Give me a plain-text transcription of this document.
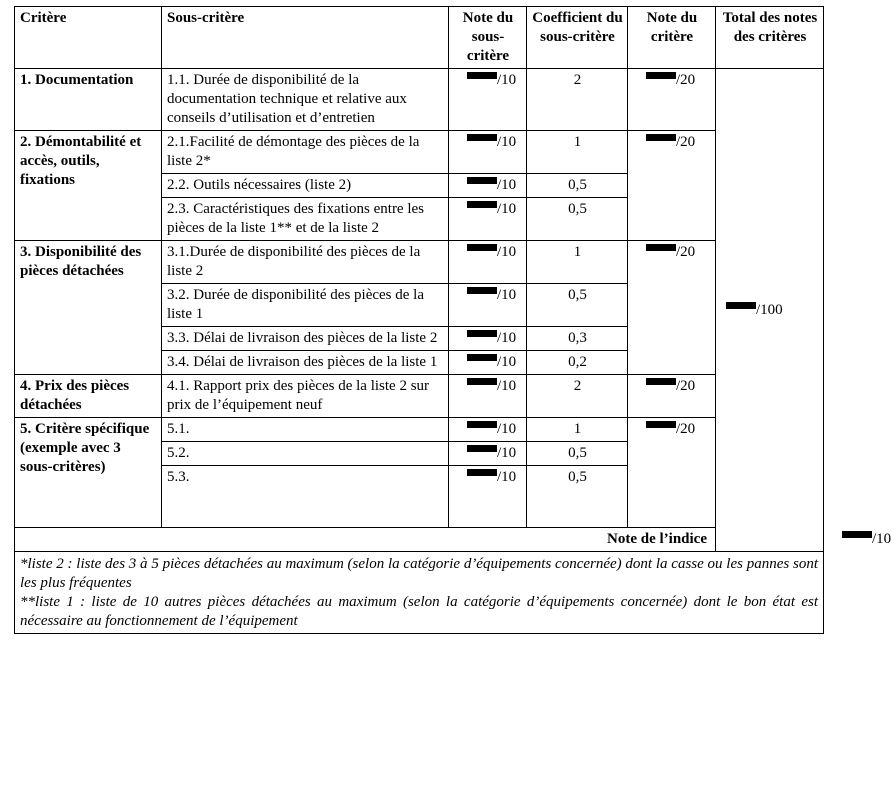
Critère	Sous-critère	Note du sous-critère	Coefficient du sous-critère	Note du critère	Total des notes des critères	
1. Documentation	1.1. Durée de disponibilité de la documentation technique et relative aux conseils d’utilisation et d’entretien	/10	2	/20	/100	
2. Démontabilité et accès, outils, fixations	2.1.Facilité de démontage des pièces de la liste 2*	/10	1	/20		
	2.2. Outils nécessaires (liste 2)	/10	0,5			
	2.3. Caractéristiques des fixations entre les pièces de la liste 1** et de la liste 2	/10	0,5			
3. Disponibilité des pièces détachées	3.1.Durée de disponibilité des pièces de la liste 2	/10	1	/20		
	3.2. Durée de disponibilité des pièces de la liste 1	/10	0,5			
	3.3. Délai de livraison des pièces de la liste 2	/10	0,3			
	3.4. Délai de livraison des pièces de la liste 1	/10	0,2			
4. Prix des pièces détachées	4.1. Rapport prix des pièces de la liste 2 sur prix de l’équipement neuf	/10	2	/20		
5. Critère spécifique (exemple avec 3 sous-critères)	5.1.	/10	1	/20		
	5.2.	/10	0,5			
	5.3.	/10	0,5			

Note de l’indice						/10

*liste 2 : liste des 3 à 5 pièces détachées au maximum (selon la catégorie d’équipements concernée) dont la casse ou les pannes sont les plus fréquentes
**liste 1 : liste de 10 autres pièces détachées au maximum (selon la catégorie d’équipements concernée) dont le bon état est nécessaire au fonctionnement de l’équipement						
